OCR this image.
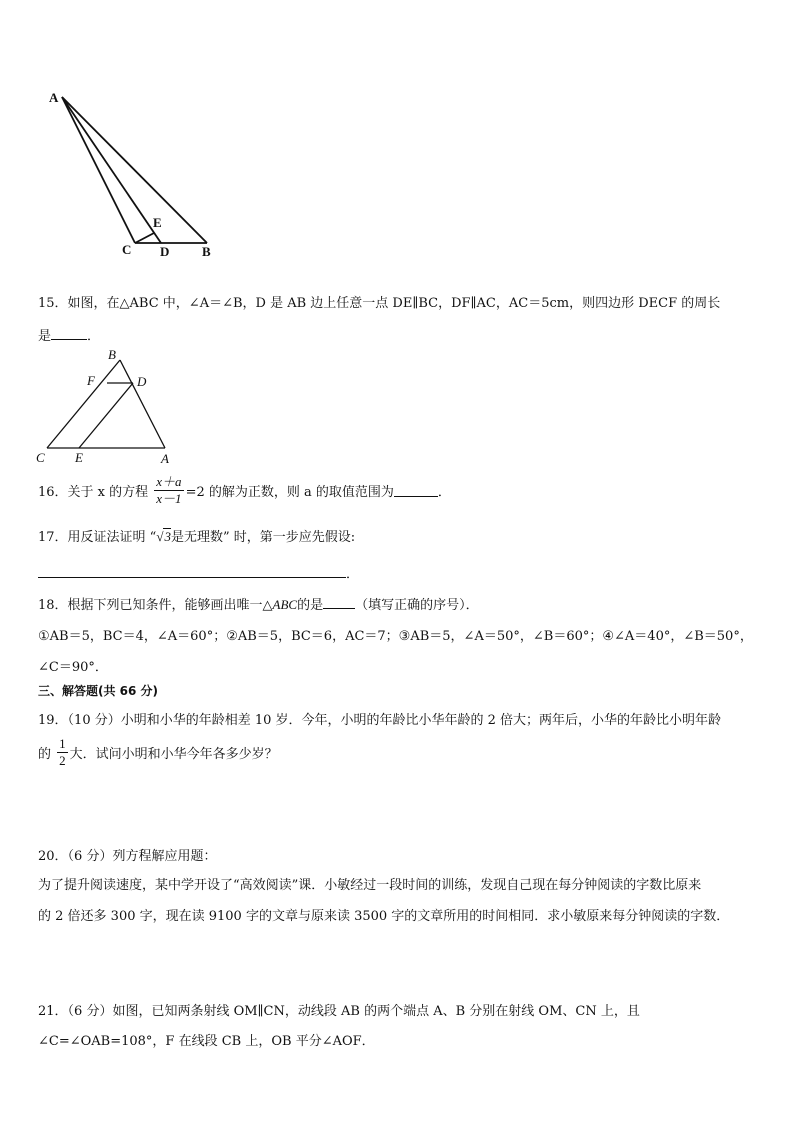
A
E
C D	B
15．如图，在△ABC 中，∠A＝∠B，D 是 AB 边上任意一点 DE∥BC，DF∥AC，AC＝5cm，则四边形 DECF 的周长
是	．
B
F	D
C E	A
16．关于 x 的方程 $\frac{x+a}{x-1} =2$ 的解为正数，则 a 的取值范围为	．
17．用反证法证明 “√3是无理数” 时，第一步应先假设:
．
18．根据下列已知条件，能够画出唯一△ABC的是 （填写正确的序号）．
①AB＝5，BC＝4，∠A＝60°；②AB＝5，BC＝6，AC＝7；③AB＝5，∠A＝50°，∠B＝60°；④∠A＝40°，∠B＝50°，
∠C＝90°．
三、解答题(共 66 分)
19．（10 分）小明和小华的年龄相差 10 岁．今年，小明的年龄比小华年龄的 2 倍大；两年后，小华的年龄比小明年龄
的 $\frac{1}{2}$ 大．试问小明和小华今年各多少岁？
20．（6 分）列方程解应用题：
为了提升阅读速度，某中学开设了“高效阅读”课．小敏经过一段时间的训练，发现自己现在每分钟阅读的字数比原来
的 2 倍还多 300 字，现在读 9100 字的文章与原来读 3500 字的文章所用的时间相同．求小敏原来每分钟阅读的字数．
21．（6 分）如图，已知两条射线 OM∥CN，动线段 AB 的两个端点 A、B 分别在射线 OM、CN 上，且
∠C=∠OAB=108°，F 在线段 CB 上，OB 平分∠AOF．
